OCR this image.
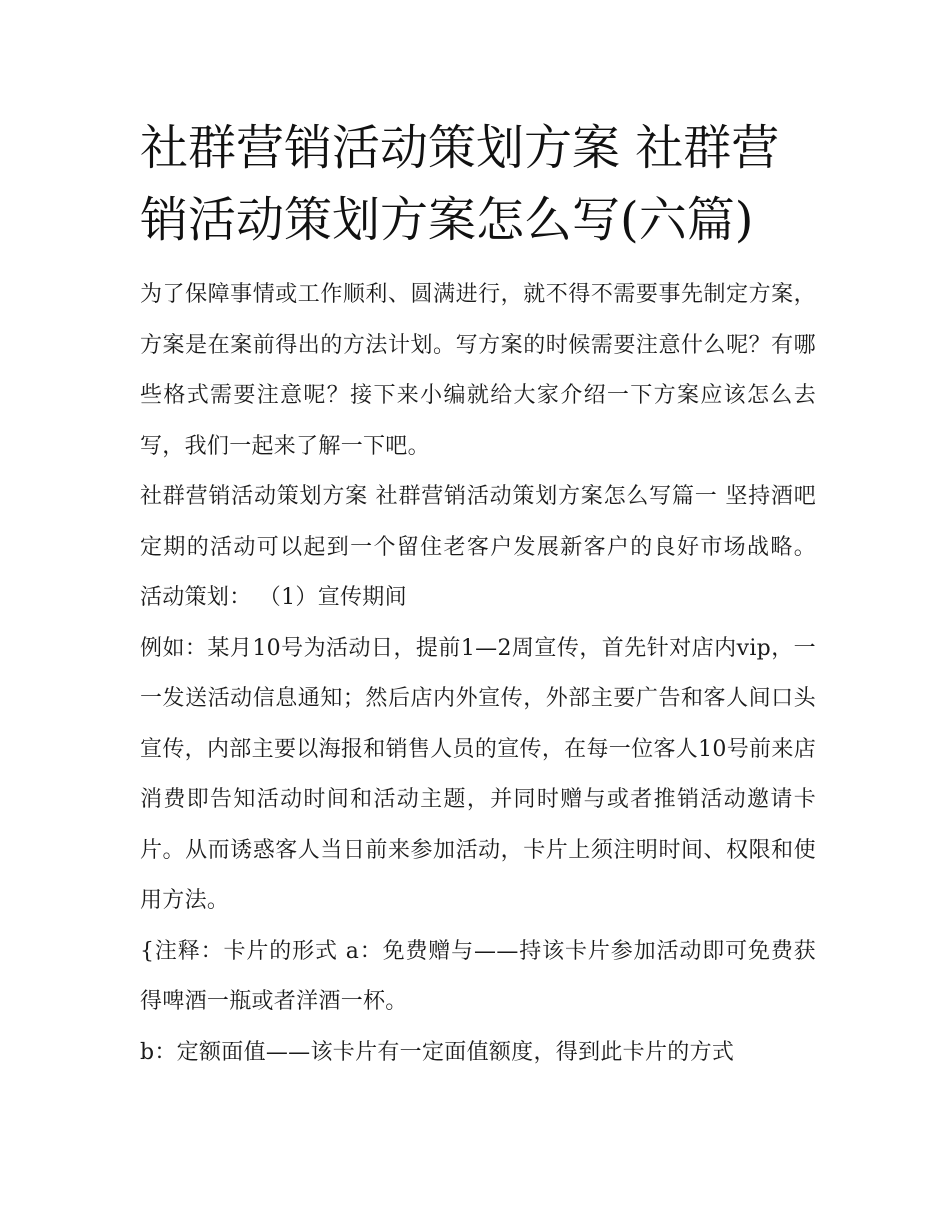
社群营销活动策划方案 社群营销活动策划方案怎么写(六篇)

为了保障事情或工作顺利、圆满进行，就不得不需要事先制定方案，方案是在案前得出的方法计划。写方案的时候需要注意什么呢？有哪些格式需要注意呢？接下来小编就给大家介绍一下方案应该怎么去写，我们一起来了解一下吧。

社群营销活动策划方案 社群营销活动策划方案怎么写篇一 坚持酒吧定期的活动可以起到一个留住老客户发展新客户的良好市场战略。 活动策划： （1）宣传期间

例如：某月10号为活动日，提前1—2周宣传，首先针对店内vip，一一发送活动信息通知；然后店内外宣传，外部主要广告和客人间口头宣传，内部主要以海报和销售人员的宣传，在每一位客人10号前来店消费即告知活动时间和活动主题，并同时赠与或者推销活动邀请卡片。从而诱惑客人当日前来参加活动，卡片上须注明时间、权限和使用方法。

{注释：卡片的形式 a：免费赠与——持该卡片参加活动即可免费获得啤酒一瓶或者洋酒一杯。

b：定额面值——该卡片有一定面值额度，得到此卡片的方式
